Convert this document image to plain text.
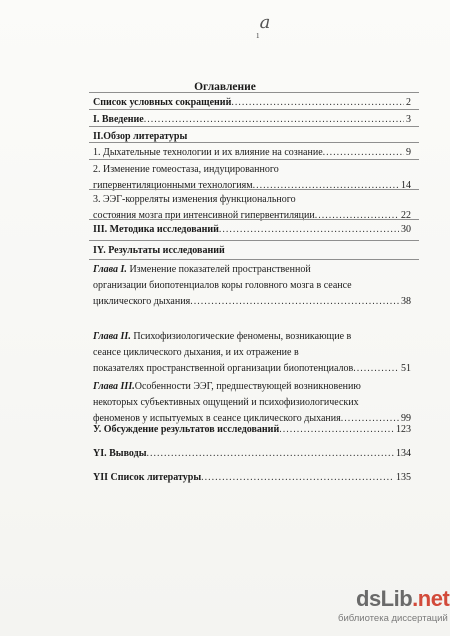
a
1
Оглавление
Список условных сокращений .....	2
I. Введение .....	3
II.Обзор литературы
1. Дыхательные технологии и их влияние на сознание .....	9
2. Изменение гомеостаза, индуцированного
гипервентиляционными технологиям .....	14
3. ЭЭГ-корреляты изменения функционального
состояния мозга при интенсивной гипервентиляции .....	22
III. Методика исследований .....	30
IY. Результаты исследований
Глава I. Изменение показателей пространственной
организации биопотенциалов коры головного мозга в сеансе
циклического дыхания .....	38
Глава II. Психофизиологические феномены, возникающие в
сеансе циклического дыхания, и их отражение в
показателях пространственной организации биопотенциалов .....	51
Глава III.Особенности ЭЭГ, предшествующей возникновению
некоторых субъективных ощущений и психофизиологических
феноменов у испытуемых в сеансе циклического дыхания .....	99
У. Обсуждение результатов исследований .....	123
YI. Выводы .....	134
YII Список литературы .....	135
dsLib.net
библиотека диссертаций
